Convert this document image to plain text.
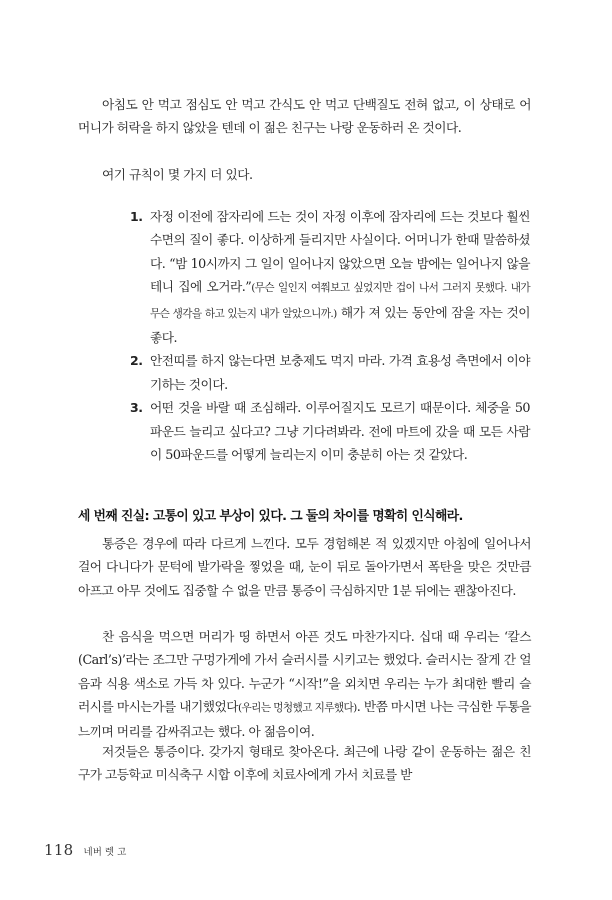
아침도 안 먹고 점심도 안 먹고 간식도 안 먹고 단백질도 전혀 없고, 이 상태로 어머니가 허락을 하지 않았을 텐데 이 젊은 친구는 나랑 운동하러 온 것이다.

여기 규칙이 몇 가지 더 있다.

1. 자정 이전에 잠자리에 드는 것이 자정 이후에 잠자리에 드는 것보다 훨씬 수면의 질이 좋다. 이상하게 들리지만 사실이다. 어머니가 한때 말씀하셨다. “밤 10시까지 그 일이 일어나지 않았으면 오늘 밤에는 일어나지 않을 테니 집에 오거라.”(무슨 일인지 여쭤보고 싶었지만 겁이 나서 그러지 못했다. 내가 무슨 생각을 하고 있는지 내가 알았으니까.) 해가 져 있는 동안에 잠을 자는 것이 좋다.
2. 안전띠를 하지 않는다면 보충제도 먹지 마라. 가격 효용성 측면에서 이야기하는 것이다.
3. 어떤 것을 바랄 때 조심해라. 이루어질지도 모르기 때문이다. 체중을 50파운드 늘리고 싶다고? 그냥 기다려봐라. 전에 마트에 갔을 때 모든 사람이 50파운드를 어떻게 늘리는지 이미 충분히 아는 것 같았다.
세 번째 진실: 고통이 있고 부상이 있다. 그 둘의 차이를 명확히 인식해라.

통증은 경우에 따라 다르게 느낀다. 모두 경험해본 적 있겠지만 아침에 일어나서 걸어 다니다가 문턱에 발가락을 찧었을 때, 눈이 뒤로 돌아가면서 폭탄을 맞은 것만큼 아프고 아무 것에도 집중할 수 없을 만큼 통증이 극심하지만 1분 뒤에는 괜찮아진다.

찬 음식을 먹으면 머리가 띵 하면서 아픈 것도 마찬가지다. 십대 때 우리는 ‘칼스(Carl’s)’라는 조그만 구멍가게에 가서 슬러시를 시키고는 했었다. 슬러시는 잘게 간 얼음과 식용 색소로 가득 차 있다. 누군가 “시작!”을 외치면 우리는 누가 최대한 빨리 슬러시를 마시는가를 내기했었다(우리는 멍청했고 지루했다). 반쯤 마시면 나는 극심한 두통을 느끼며 머리를 감싸쥐고는 했다. 아 젊음이여.

저것들은 통증이다. 갖가지 형태로 찾아온다. 최근에 나랑 같이 운동하는 젊은 친구가 고등학교 미식축구 시합 이후에 치료사에게 가서 치료를 받

118 네버 렛 고
